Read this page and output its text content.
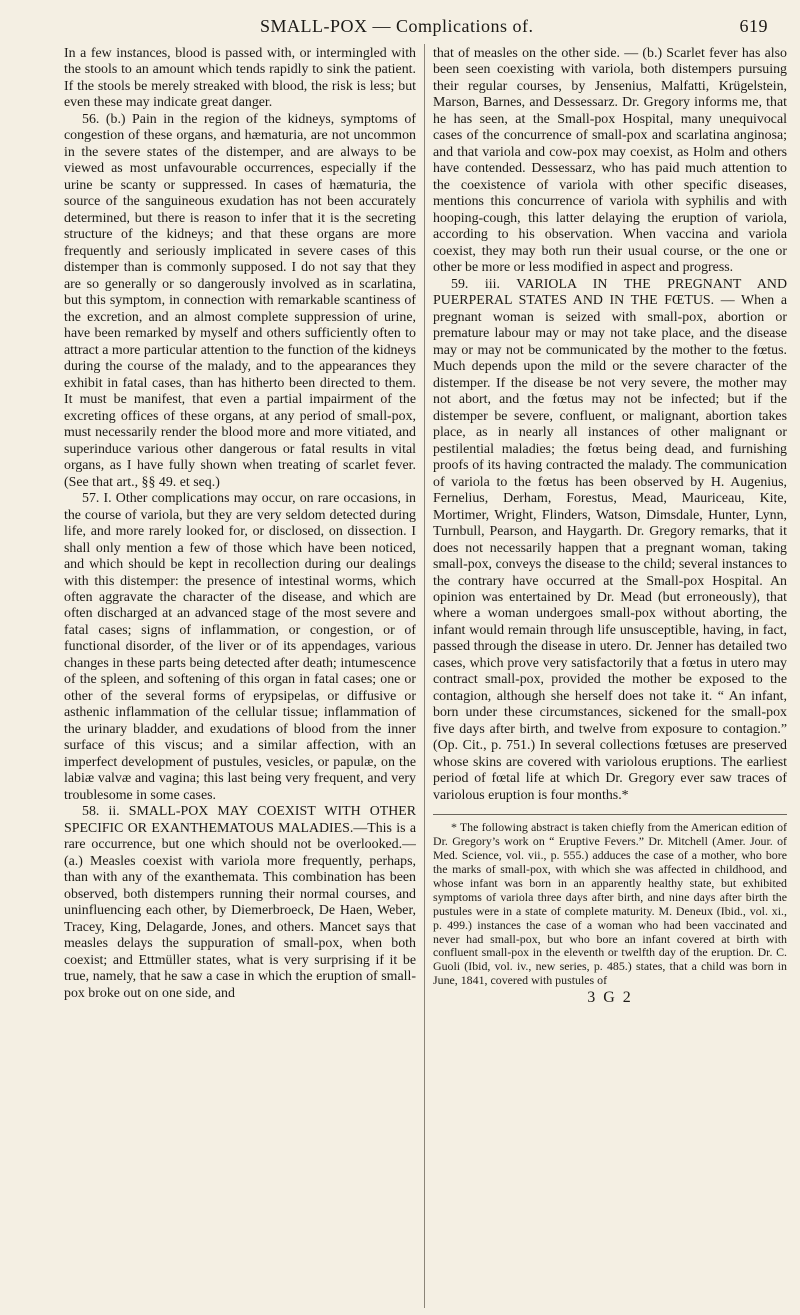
SMALL-POX — Complications of.	619

In a few instances, blood is passed with, or intermingled with the stools to an amount which tends rapidly to sink the patient. If the stools be merely streaked with blood, the risk is less; but even these may indicate great danger.

56. (b.) Pain in the region of the kidneys, symptoms of congestion of these organs, and hæmaturia, are not uncommon in the severe states of the distemper, and are always to be viewed as most unfavourable occurrences, especially if the urine be scanty or suppressed. In cases of hæmaturia, the source of the sanguineous exudation has not been accurately determined, but there is reason to infer that it is the secreting structure of the kidneys; and that these organs are more frequently and seriously implicated in severe cases of this distemper than is commonly supposed. I do not say that they are so generally or so dangerously involved as in scarlatina, but this symptom, in connection with remarkable scantiness of the excretion, and an almost complete suppression of urine, have been remarked by myself and others sufficiently often to attract a more particular attention to the function of the kidneys during the course of the malady, and to the appearances they exhibit in fatal cases, than has hitherto been directed to them. It must be manifest, that even a partial impairment of the excreting offices of these organs, at any period of small-pox, must necessarily render the blood more and more vitiated, and superinduce various other dangerous or fatal results in vital organs, as I have fully shown when treating of scarlet fever. (See that art., §§ 49. et seq.)

57. I. Other complications may occur, on rare occasions, in the course of variola, but they are very seldom detected during life, and more rarely looked for, or disclosed, on dissection. I shall only mention a few of those which have been noticed, and which should be kept in recollection during our dealings with this distemper: the presence of intestinal worms, which often aggravate the character of the disease, and which are often discharged at an advanced stage of the most severe and fatal cases; signs of inflammation, or congestion, or of functional disorder, of the liver or of its appendages, various changes in these parts being detected after death; intumescence of the spleen, and softening of this organ in fatal cases; one or other of the several forms of erypsipelas, or diffusive or asthenic inflammation of the cellular tissue; inflammation of the urinary bladder, and exudations of blood from the inner surface of this viscus; and a similar affection, with an imperfect development of pustules, vesicles, or papulæ, on the labiæ valvæ and vagina; this last being very frequent, and very troublesome in some cases.

58. ii. SMALL-POX MAY COEXIST WITH OTHER SPECIFIC OR EXANTHEMATOUS MALADIES.—This is a rare occurrence, but one which should not be overlooked.—(a.) Measles coexist with variola more frequently, perhaps, than with any of the exanthemata. This combination has been observed, both distempers running their normal courses, and uninfluencing each other, by Diemerbroeck, De Haen, Weber, Tracey, King, Delagarde, Jones, and others. Mancet says that measles delays the suppuration of small-pox, when both coexist; and Ettmüller states, what is very surprising if it be true, namely, that he saw a case in which the eruption of small-pox broke out on one side, and

that of measles on the other side. — (b.) Scarlet fever has also been seen coexisting with variola, both distempers pursuing their regular courses, by Jensenius, Malfatti, Krügelstein, Marson, Barnes, and Dessessarz. Dr. Gregory informs me, that he has seen, at the Small-pox Hospital, many unequivocal cases of the concurrence of small-pox and scarlatina anginosa; and that variola and cow-pox may coexist, as Holm and others have contended. Dessessarz, who has paid much attention to the coexistence of variola with other specific diseases, mentions this concurrence of variola with syphilis and with hooping-cough, this latter delaying the eruption of variola, according to his observation. When vaccina and variola coexist, they may both run their usual course, or the one or other be more or less modified in aspect and progress.

59. iii. VARIOLA IN THE PREGNANT AND PUERPERAL STATES AND IN THE FŒTUS. — When a pregnant woman is seized with small-pox, abortion or premature labour may or may not take place, and the disease may or may not be communicated by the mother to the fœtus. Much depends upon the mild or the severe character of the distemper. If the disease be not very severe, the mother may not abort, and the fœtus may not be infected; but if the distemper be severe, confluent, or malignant, abortion takes place, as in nearly all instances of other malignant or pestilential maladies; the fœtus being dead, and furnishing proofs of its having contracted the malady. The communication of variola to the fœtus has been observed by H. Augenius, Fernelius, Derham, Forestus, Mead, Mauriceau, Kite, Mortimer, Wright, Flinders, Watson, Dimsdale, Hunter, Lynn, Turnbull, Pearson, and Haygarth. Dr. Gregory remarks, that it does not necessarily happen that a pregnant woman, taking small-pox, conveys the disease to the child; several instances to the contrary have occurred at the Small-pox Hospital. An opinion was entertained by Dr. Mead (but erroneously), that where a woman undergoes small-pox without aborting, the infant would remain through life unsusceptible, having, in fact, passed through the disease in utero. Dr. Jenner has detailed two cases, which prove very satisfactorily that a fœtus in utero may contract small-pox, provided the mother be exposed to the contagion, although she herself does not take it. “ An infant, born under these circumstances, sickened for the small-pox five days after birth, and twelve from exposure to contagion.” (Op. Cit., p. 751.) In several collections fœtuses are preserved whose skins are covered with variolous eruptions. The earliest period of fœtal life at which Dr. Gregory ever saw traces of variolous eruption is four months.*

* The following abstract is taken chiefly from the American edition of Dr. Gregory’s work on “ Eruptive Fevers.” Dr. Mitchell (Amer. Jour. of Med. Science, vol. vii., p. 555.) adduces the case of a mother, who bore the marks of small-pox, with which she was affected in childhood, and whose infant was born in an apparently healthy state, but exhibited symptoms of variola three days after birth, and nine days after birth the pustules were in a state of complete maturity. M. Deneux (Ibid., vol. xi., p. 499.) instances the case of a woman who had been vaccinated and never had small-pox, but who bore an infant covered at birth with confluent small-pox in the eleventh or twelfth day of the eruption. Dr. C. Guoli (Ibid, vol. iv., new series, p. 485.) states, that a child was born in June, 1841, covered with pustules of

3 G 2
